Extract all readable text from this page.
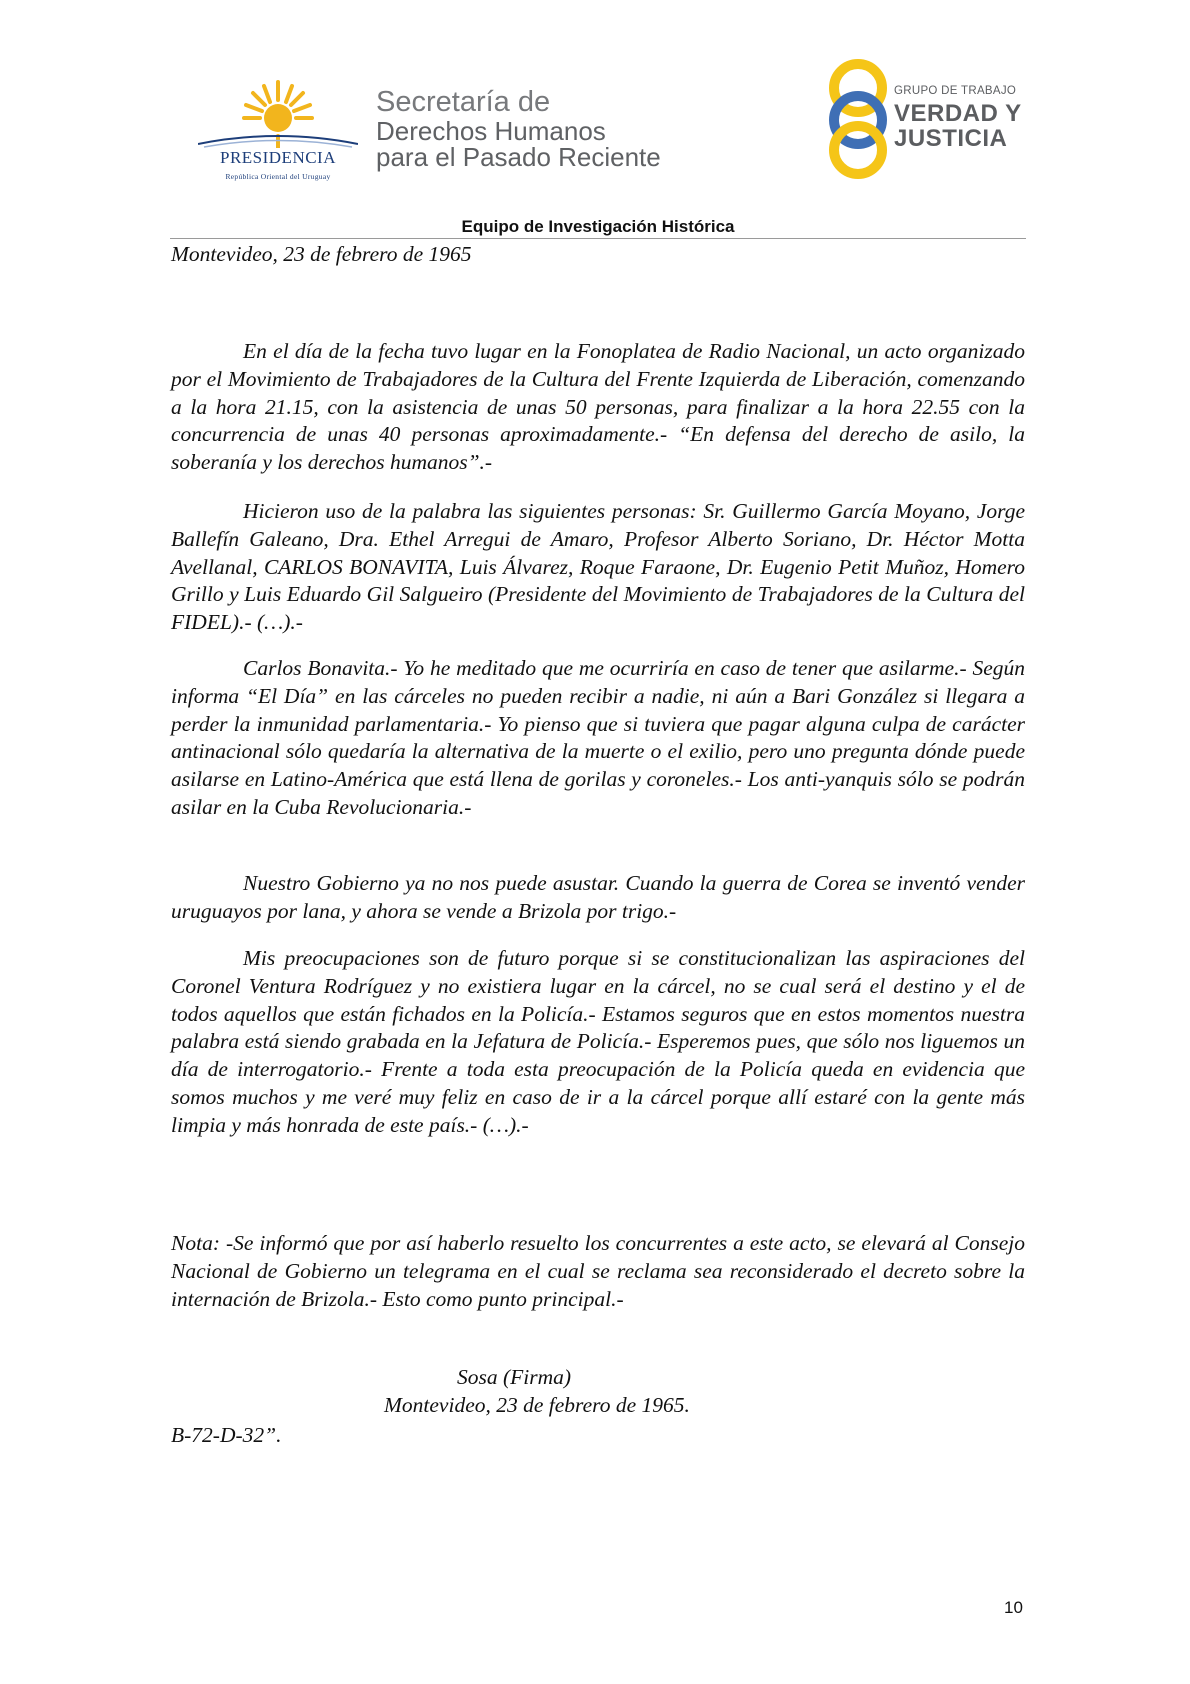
PRESIDENCIA
República Oriental del Uruguay
Secretaría de
Derechos Humanos
para el Pasado Reciente
GRUPO DE TRABAJO
VERDAD Y
JUSTICIA
Equipo de Investigación Histórica
Montevideo, 23 de febrero de 1965
En el día de la fecha tuvo lugar en la Fonoplatea de Radio Nacional, un acto organizado por el Movimiento de Trabajadores de la Cultura del Frente Izquierda de Liberación, comenzando a la hora 21.15, con la asistencia de unas 50 personas, para finalizar a la hora 22.55 con la concurrencia de unas 40 personas aproximadamente.- “En defensa del derecho de asilo, la soberanía y los derechos humanos”.-
Hicieron uso de la palabra las siguientes personas: Sr. Guillermo García Moyano, Jorge Ballefín Galeano, Dra. Ethel Arregui de Amaro, Profesor Alberto Soriano, Dr. Héctor Motta Avellanal, CARLOS BONAVITA, Luis Álvarez, Roque Faraone, Dr. Eugenio Petit Muñoz, Homero Grillo y Luis Eduardo Gil Salgueiro (Presidente del Movimiento de Trabajadores de la Cultura del FIDEL).- (…).-
Carlos Bonavita.- Yo he meditado que me ocurriría en caso de tener que asilarme.- Según informa “El Día” en las cárceles no pueden recibir a nadie, ni aún a Bari González si llegara a perder la inmunidad parlamentaria.- Yo pienso que si tuviera que pagar alguna culpa de carácter antinacional sólo quedaría la alternativa de la muerte o el exilio, pero uno pregunta dónde puede asilarse en Latino-América que está llena de gorilas y coroneles.- Los anti-yanquis sólo se podrán asilar en la Cuba Revolucionaria.-
Nuestro Gobierno ya no nos puede asustar. Cuando la guerra de Corea se inventó vender uruguayos por lana, y ahora se vende a Brizola por trigo.-
Mis preocupaciones son de futuro porque si se constitucionalizan las aspiraciones del Coronel Ventura Rodríguez y no existiera lugar en la cárcel, no se cual será el destino y el de todos aquellos que están fichados en la Policía.- Estamos seguros que en estos momentos nuestra palabra está siendo grabada en la Jefatura de Policía.- Esperemos pues, que sólo nos liguemos un día de interrogatorio.- Frente a toda esta preocupación de la Policía queda en evidencia que somos muchos y me veré muy feliz en caso de ir a la cárcel porque allí estaré con la gente más limpia y más honrada de este país.- (…).-
Nota: -Se informó que por así haberlo resuelto los concurrentes a este acto, se elevará al Consejo Nacional de Gobierno un telegrama en el cual se reclama sea reconsiderado el decreto sobre la internación de Brizola.- Esto como punto principal.-
Sosa (Firma)
Montevideo, 23 de febrero de 1965.
B-72-D-32”.
10
